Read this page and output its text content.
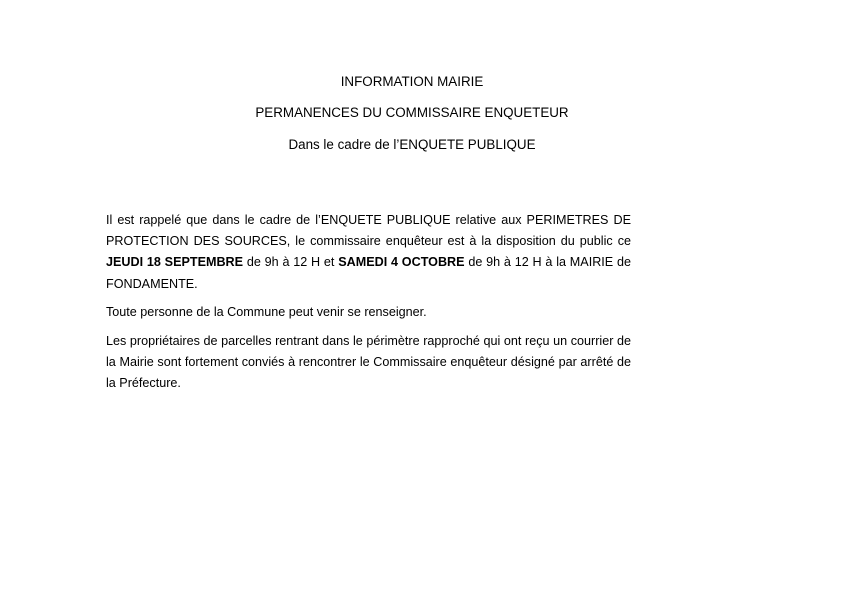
INFORMATION MAIRIE
PERMANENCES DU COMMISSAIRE ENQUETEUR
Dans le cadre de l’ENQUETE PUBLIQUE

Il est rappelé que dans le cadre de l’ENQUETE PUBLIQUE relative aux PERIMETRES DE PROTECTION DES SOURCES, le commissaire enquêteur est à la disposition du public ce JEUDI 18 SEPTEMBRE de 9h à 12 H et SAMEDI 4 OCTOBRE de 9h à 12 H à la MAIRIE de FONDAMENTE.

Toute personne de la Commune peut venir se renseigner.

Les propriétaires de parcelles rentrant dans le périmètre rapproché qui ont reçu un courrier de la Mairie sont fortement conviés à rencontrer le Commissaire enquêteur désigné par arrêté de la Préfecture.
